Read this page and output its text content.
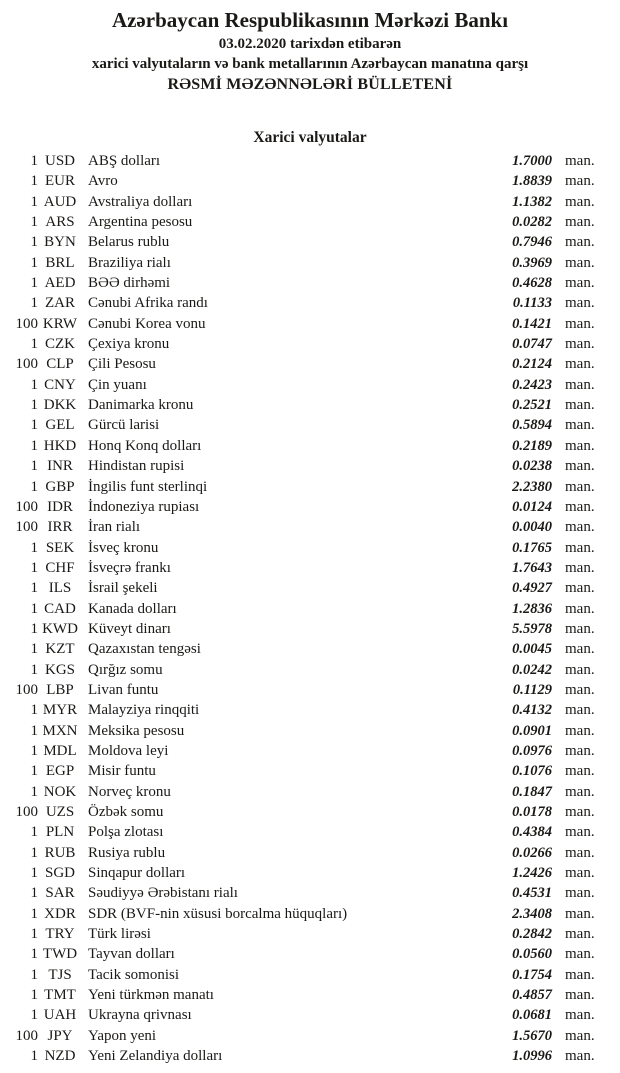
Azərbaycan Respublikasının Mərkəzi Bankı
03.02.2020 tarixdən etibarən
xarici valyutaların və bank metallarının Azərbaycan manatına qarşı
RƏSMİ MƏZƏNNƏLƏRİ BÜLLETENİ
Xarici valyutalar
1 USD ABŞ dolları	1.7000 man.
1 EUR Avro	1.8839 man.
1 AUD Avstraliya dolları	1.1382 man.
1 ARS Argentina pesosu	0.0282 man.
1 BYN Belarus rublu	0.7946 man.
1 BRL Braziliya rialı	0.3969 man.
1 AED BƏƏ dirhəmi	0.4628 man.
1 ZAR Cənubi Afrika randı	0.1133 man.
100 KRW Cənubi Korea vonu	0.1421 man.
1 CZK Çexiya kronu	0.0747 man.
100 CLP Çili Pesosu	0.2124 man.
1 CNY Çin yuanı	0.2423 man.
1 DKK Danimarka kronu	0.2521 man.
1 GEL Gürcü larisi	0.5894 man.
1 HKD Honq Konq dolları	0.2189 man.
1 INR	Hindistan rupisi	0.0238 man.
1 GBP İngilis funt sterlinqi	2.2380 man.
100 IDR	İndoneziya rupiası	0.0124 man.
100 IRR	İran rialı	0.0040 man.
1 SEK İsveç kronu	0.1765 man.
1 CHF İsveçrə frankı	1.7643 man.
1 ILS	İsrail şekeli	0.4927 man.
1 CAD Kanada dolları	1.2836 man.
1 KWD Küveyt dinarı	5.5978 man.
1 KZT Qazaxıstan tengəsi	0.0045 man.
1 KGS Qırğız somu	0.0242 man.
100 LBP Livan funtu	0.1129 man.
1 MYR Malayziya rinqqiti	0.4132 man.
1 MXN Meksika pesosu	0.0901 man.
1 MDL Moldova leyi	0.0976 man.
1 EGP Misir funtu	0.1076 man.
1 NOK Norveç kronu	0.1847 man.
100 UZS Özbək somu	0.0178 man.
1 PLN Polşa zlotası	0.4384 man.
1 RUB Rusiya rublu	0.0266 man.
1 SGD Sinqapur dolları	1.2426 man.
1 SAR Səudiyyə Ərəbistanı rialı	0.4531 man.
1 XDR SDR (BVF-nin xüsusi borcalma hüquqları)	2.3408 man.
1 TRY Türk lirəsi	0.2842 man.
1 TWD Tayvan dolları	0.0560 man.
1 TJS	Tacik somonisi	0.1754 man.
1 TMT Yeni türkmən manatı	0.4857 man.
1 UAH Ukrayna qrivnası	0.0681 man.
100 JPY	Yapon yeni	1.5670 man.
1 NZD Yeni Zelandiya dolları	1.0996 man.
